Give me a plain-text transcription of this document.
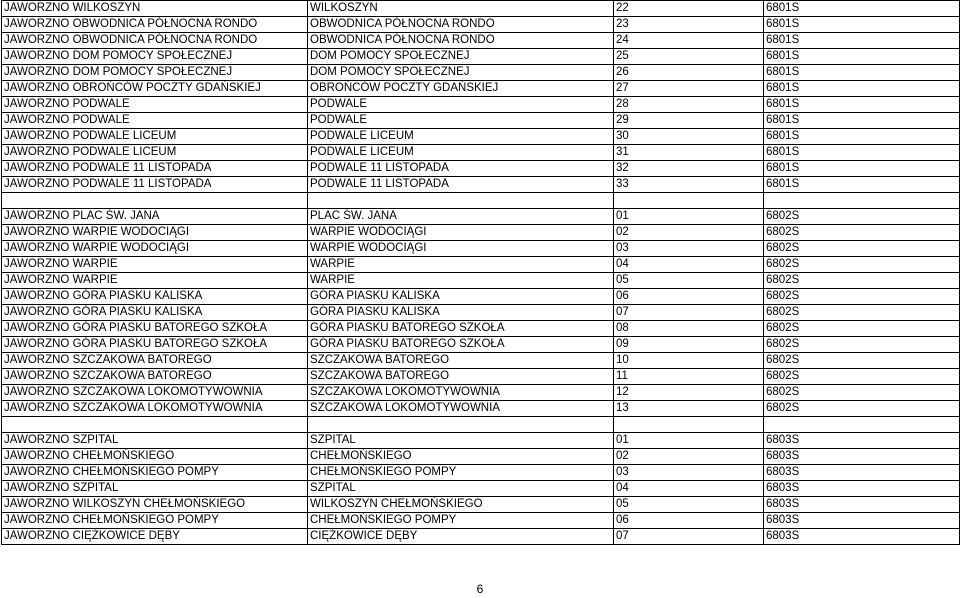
JAWORZNO WILKOSZYN	WILKOSZYN	22	6801S
JAWORZNO OBWODNICA PÓŁNOCNA RONDO	OBWODNICA PÓŁNOCNA RONDO	23	6801S
JAWORZNO OBWODNICA PÓŁNOCNA RONDO	OBWODNICA PÓŁNOCNA RONDO	24	6801S
JAWORZNO DOM POMOCY SPOŁECZNEJ	DOM POMOCY SPOŁECZNEJ	25	6801S
JAWORZNO DOM POMOCY SPOŁECZNEJ	DOM POMOCY SPOŁECZNEJ	26	6801S
JAWORZNO OBROŃCÓW POCZTY GDAŃSKIEJ	OBROŃCÓW POCZTY GDAŃSKIEJ	27	6801S
JAWORZNO PODWALE	PODWALE	28	6801S
JAWORZNO PODWALE	PODWALE	29	6801S
JAWORZNO PODWALE LICEUM	PODWALE LICEUM	30	6801S
JAWORZNO PODWALE LICEUM	PODWALE LICEUM	31	6801S
JAWORZNO PODWALE 11 LISTOPADA	PODWALE 11 LISTOPADA	32	6801S
JAWORZNO PODWALE 11 LISTOPADA	PODWALE 11 LISTOPADA	33	6801S

JAWORZNO PLAC ŚW. JANA	PLAC ŚW. JANA	01	6802S
JAWORZNO WARPIE WODOCIĄGI	WARPIE WODOCIĄGI	02	6802S
JAWORZNO WARPIE WODOCIĄGI	WARPIE WODOCIĄGI	03	6802S
JAWORZNO WARPIE	WARPIE	04	6802S
JAWORZNO WARPIE	WARPIE	05	6802S
JAWORZNO GÓRA PIASKU KALISKA	GÓRA PIASKU KALISKA	06	6802S
JAWORZNO GÓRA PIASKU KALISKA	GÓRA PIASKU KALISKA	07	6802S
JAWORZNO GÓRA PIASKU BATOREGO SZKOŁA	GÓRA PIASKU BATOREGO SZKOŁA	08	6802S
JAWORZNO GÓRA PIASKU BATOREGO SZKOŁA	GÓRA PIASKU BATOREGO SZKOŁA	09	6802S
JAWORZNO SZCZAKOWA BATOREGO	SZCZAKOWA BATOREGO	10	6802S
JAWORZNO SZCZAKOWA BATOREGO	SZCZAKOWA BATOREGO	11	6802S
JAWORZNO SZCZAKOWA LOKOMOTYWOWNIA	SZCZAKOWA LOKOMOTYWOWNIA	12	6802S
JAWORZNO SZCZAKOWA LOKOMOTYWOWNIA	SZCZAKOWA LOKOMOTYWOWNIA	13	6802S

JAWORZNO SZPITAL	SZPITAL	01	6803S
JAWORZNO CHEŁMOŃSKIEGO	CHEŁMOŃSKIEGO	02	6803S
JAWORZNO CHEŁMOŃSKIEGO POMPY	CHEŁMOŃSKIEGO POMPY	03	6803S
JAWORZNO SZPITAL	SZPITAL	04	6803S
JAWORZNO WILKOSZYN CHEŁMOŃSKIEGO	WILKOSZYN CHEŁMOŃSKIEGO	05	6803S
JAWORZNO CHEŁMOŃSKIEGO POMPY	CHEŁMOŃSKIEGO POMPY	06	6803S
JAWORZNO CIĘŻKOWICE DĘBY	CIĘŻKOWICE DĘBY	07	6803S
6
